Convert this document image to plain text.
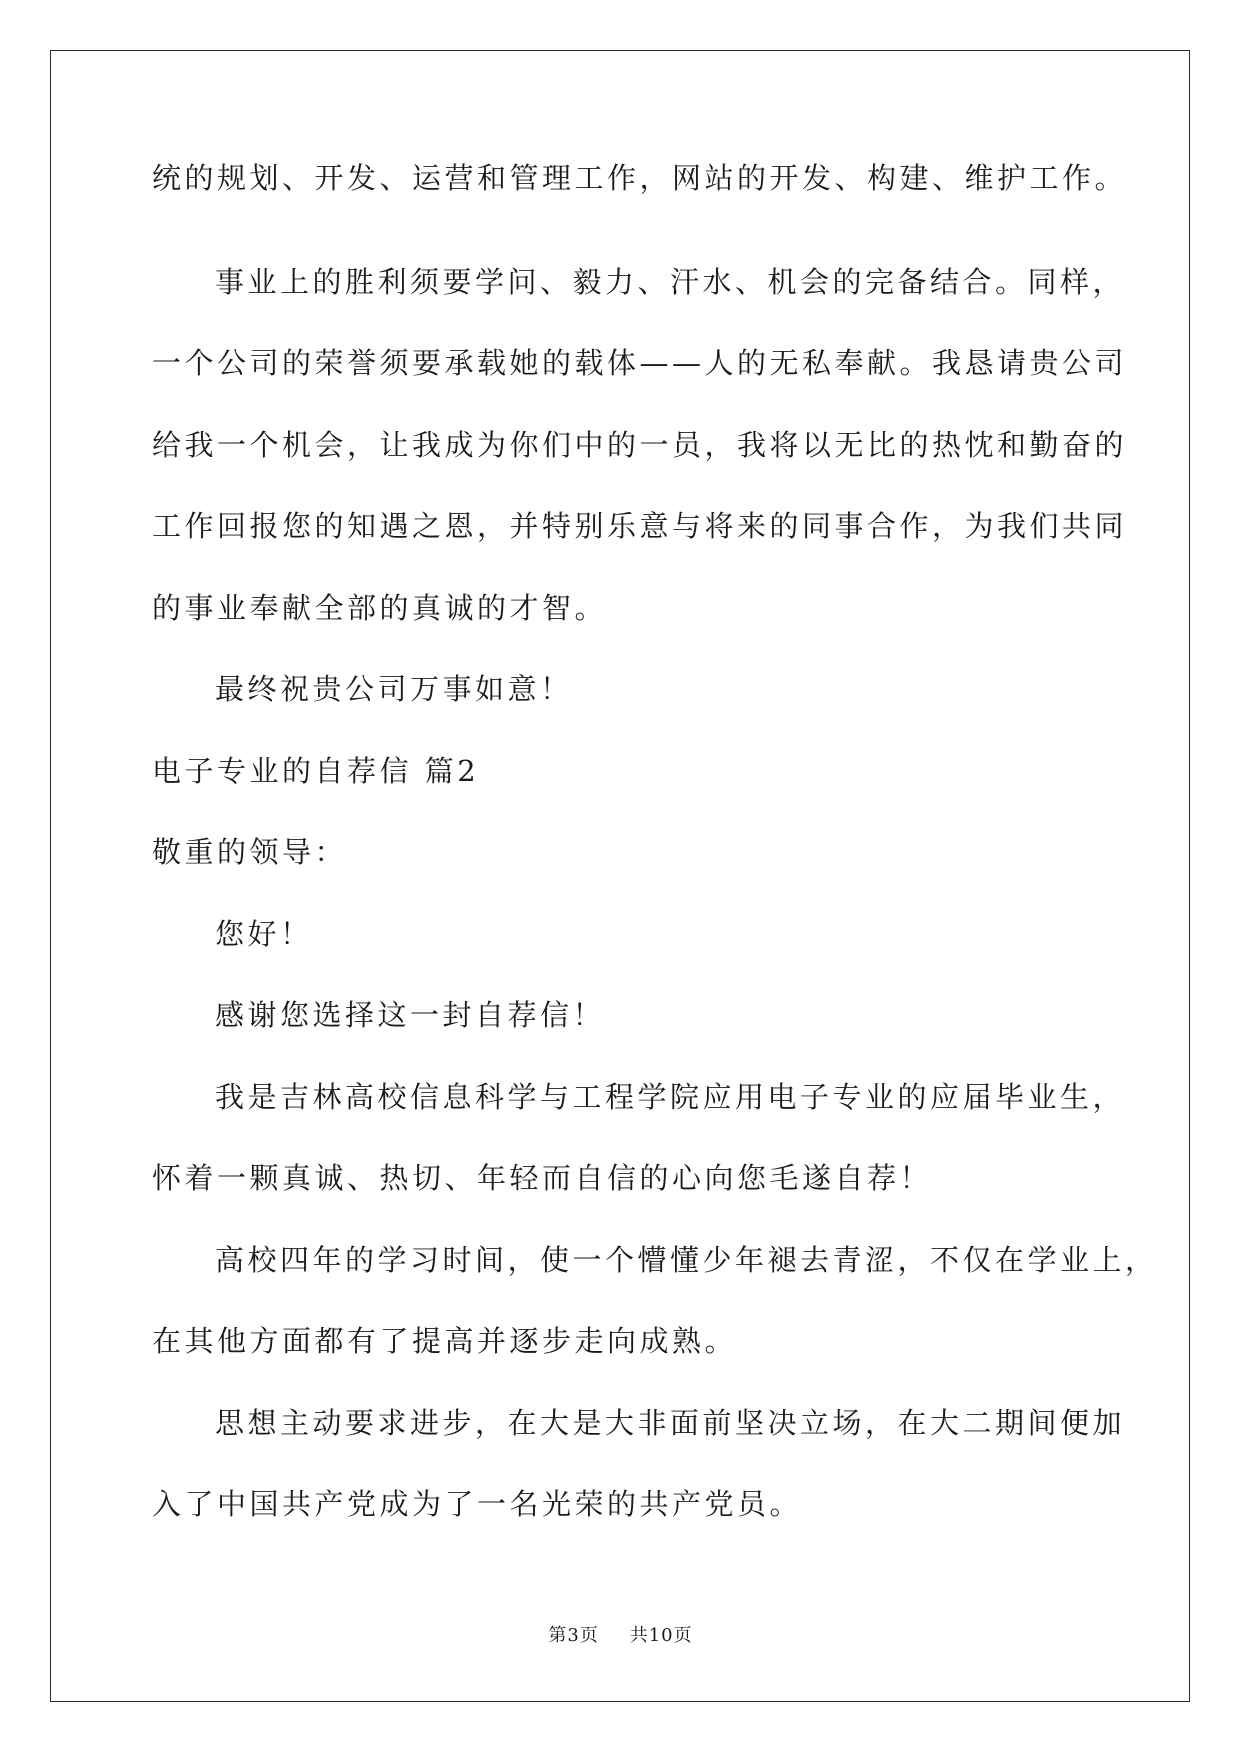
统的规划、开发、运营和管理工作，网站的开发、构建、维护工作。
事业上的胜利须要学问、毅力、汗水、机会的完备结合。同样，
一个公司的荣誉须要承载她的载体——人的无私奉献。我恳请贵公司
给我一个机会，让我成为你们中的一员，我将以无比的热忱和勤奋的
工作回报您的知遇之恩，并特别乐意与将来的同事合作，为我们共同
的事业奉献全部的真诚的才智。
最终祝贵公司万事如意！
电子专业的自荐信 篇2
敬重的领导：
您好！
感谢您选择这一封自荐信！
我是吉林高校信息科学与工程学院应用电子专业的应届毕业生，
怀着一颗真诚、热切、年轻而自信的心向您毛遂自荐！
高校四年的学习时间，使一个懵懂少年褪去青涩，不仅在学业上，
在其他方面都有了提高并逐步走向成熟。
思想主动要求进步，在大是大非面前坚决立场，在大二期间便加
入了中国共产党成为了一名光荣的共产党员。
第3页 共10页
